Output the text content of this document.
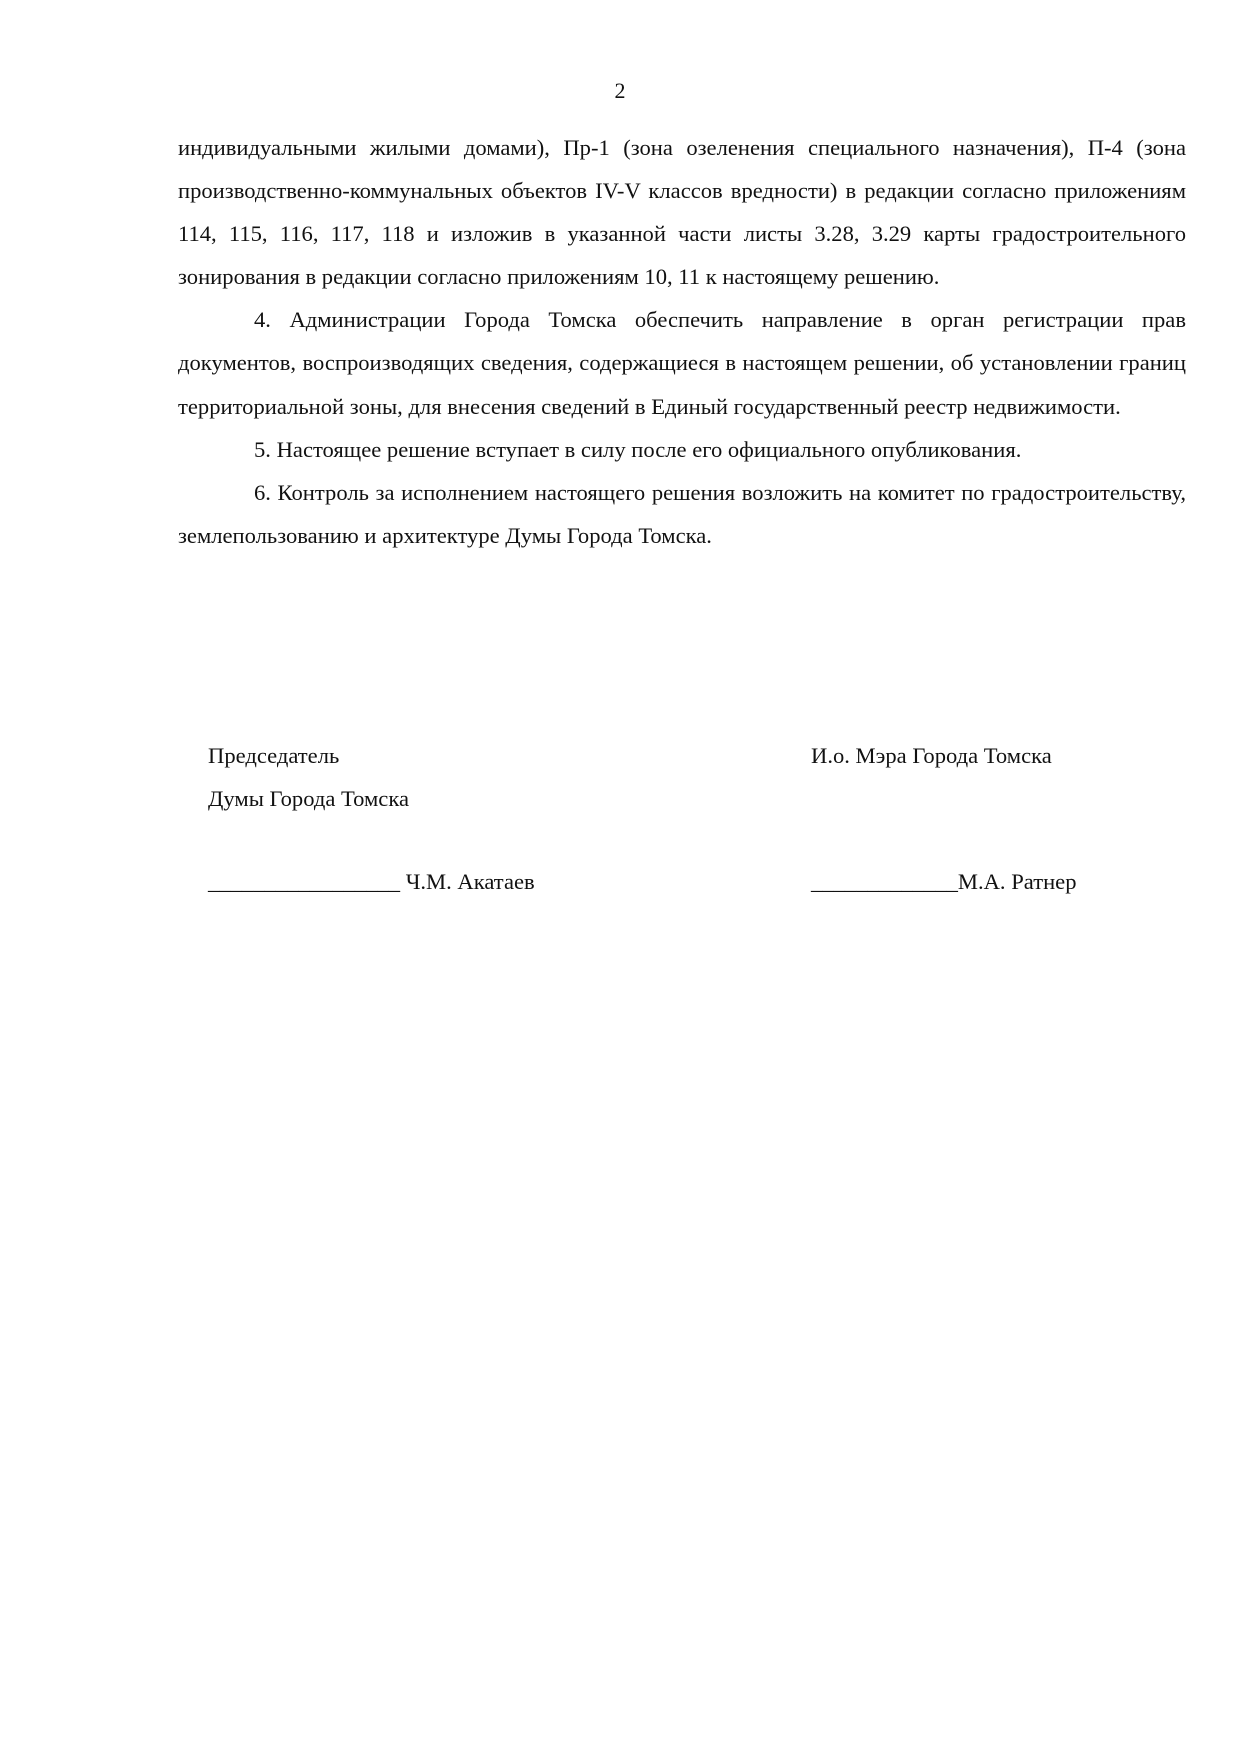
2

индивидуальными жилыми домами), Пр-1 (зона озеленения специального назначения), П-4 (зона производственно-коммунальных объектов IV-V классов вредности) в редакции согласно приложениям 114, 115, 116, 117, 118 и изложив в указанной части листы 3.28, 3.29 карты градостроительного зонирования в редакции согласно приложениям 10, 11 к настоящему решению.

4. Администрации Города Томска обеспечить направление в орган регистрации прав документов, воспроизводящих сведения, содержащиеся в настоящем решении, об установлении границ территориальной зоны, для внесения сведений в Единый государственный реестр недвижимости.

5. Настоящее решение вступает в силу после его официального опубликования.

6. Контроль за исполнением настоящего решения возложить на комитет по градостроительству, землепользованию и архитектуре Думы Города Томска.

Председатель
Думы Города Томска
И.о. Мэра Города Томска
_________________ Ч.М. Акатаев	_____________М.А. Ратнер
